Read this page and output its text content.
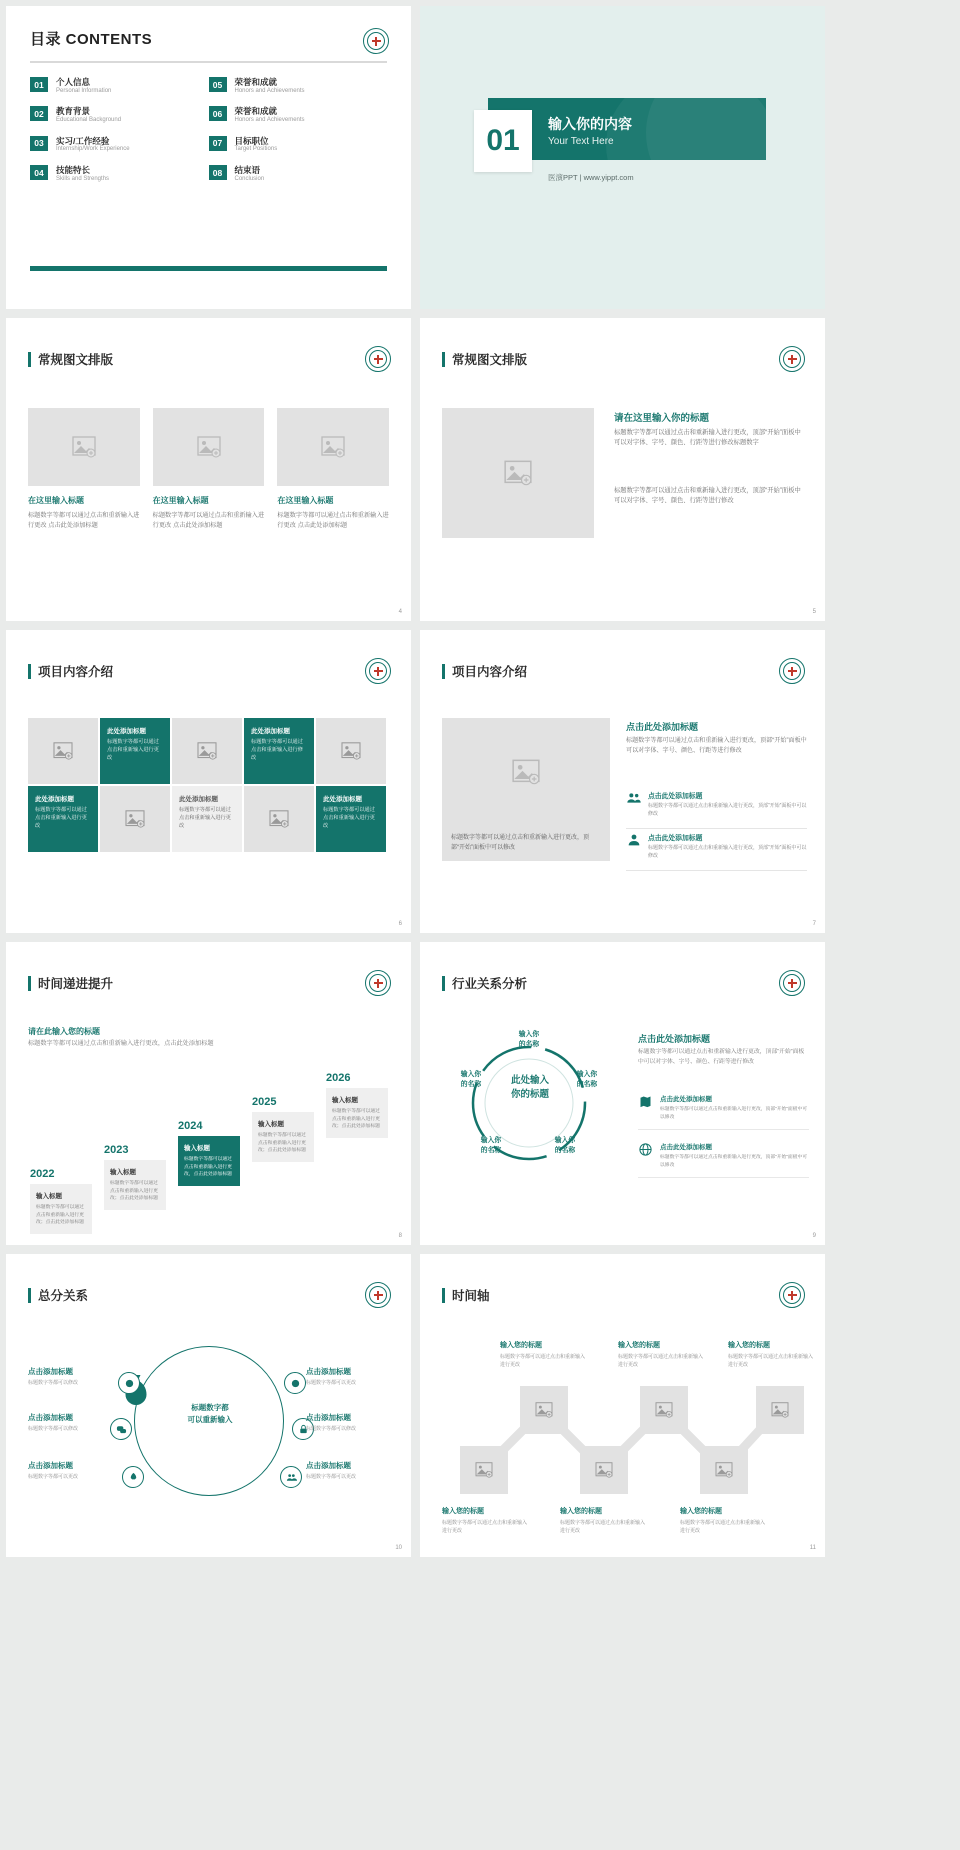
目录 CONTENTS
01	个人信息
Personal Information
02	教育背景
Educational Background
03	实习/工作经验
Internship/Work Experience
04	技能特长
Skills and Strengths
05	荣誉和成就
Honors and Achievements
06	荣誉和成就
Honors and Achievements
07	目标职位
Target Positions
08	结束语
Conclusion
01	输入你的内容
Your Text Here
医演PPT | www.yippt.com
常规图文排版
在这里输入标题
标题数字等都可以通过点击和重新输入进行更改 点击此处添加标题
在这里输入标题
标题数字等都可以通过点击和重新输入进行更改 点击此处添加标题
在这里输入标题
标题数字等都可以通过点击和重新输入进行更改 点击此处添加标题
4
常规图文排版
请在这里输入你的标题
标题数字等都可以通过点击和重新输入进行更改，顶部“开始”面板中可以对字体、字号、颜色、行距等进行修改标题数字
标题数字等都可以通过点击和重新输入进行更改，顶部“开始”面板中可以对字体、字号、颜色、行距等进行修改
5
项目内容介绍
此处添加标题
标题数字等都可以通过点击和重新输入进行更改
此处添加标题
标题数字等都可以通过点击和重新输入进行修改
此处添加标题
标题数字等都可以通过点击和重新输入进行更改
此处添加标题
标题数字等都可以通过点击和重新输入进行更改
此处添加标题
标题数字等都可以通过点击和重新输入进行更改
6
项目内容介绍
标题数字等都可以通过点击和重新输入进行更改，顶部“开始”面板中可以修改
点击此处添加标题
标题数字等都可以通过点击和重新输入进行更改，顶部“开始”面板中可以对字体、字号、颜色、行距等进行修改
点击此处添加标题
标题数字等都可以通过点击和重新输入进行更改，顶部“开始”面板中可以修改
点击此处添加标题
标题数字等都可以通过点击和重新输入进行更改，顶部“开始”面板中可以修改
7
时间递进提升
请在此输入您的标题
标题数字等都可以通过点击和重新输入进行更改，点击此处添加标题
2022
输入标题
标题数字等都可以通过点击和重新输入进行更改；点击此处添加标题
2023
输入标题
标题数字等都可以通过点击和重新输入进行更改；点击此处添加标题
2024
输入标题
标题数字等都可以通过点击和重新输入进行更改，点击此处添加标题
2025
输入标题
标题数字等都可以通过点击和重新输入进行更改；点击此处添加标题
2026
输入标题
标题数字等都可以通过点击和重新输入进行更改；点击此处添加标题
8
行业关系分析
此处输入
你的标题
输入你
的名称
输入你
的名称
输入你
的名称
输入你
的名称
输入你
的名称
点击此处添加标题
标题数字等都可以通过点击和重新输入进行更改，顶部“开始”面板中可以对字体、字号、颜色、行距等进行修改
点击此处添加标题
标题数字等都可以通过点击和重新输入进行更改，顶部“开始”面板中可以修改
点击此处添加标题
标题数字等都可以通过点击和重新输入进行更改，顶部“开始”面板中可以修改
9
总分关系
标题数字都
可以重新输入
点击添加标题
标题数字等都可以修改
点击添加标题
标题数字等都可以修改
点击添加标题
标题数字等都可以更改
点击添加标题
标题数字等都可以更改
点击添加标题
标题数字等都可以修改
点击添加标题
标题数字等都可以更改
10
时间轴
输入您的标题
标题数字等都可以通过点击和重新输入进行更改
输入您的标题
标题数字等都可以通过点击和重新输入进行更改
输入您的标题
标题数字等都可以通过点击和重新输入进行更改
输入您的标题
标题数字等都可以通过点击和重新输入进行更改
输入您的标题
标题数字等都可以通过点击和重新输入进行更改
输入您的标题
标题数字等都可以通过点击和重新输入进行更改
11
